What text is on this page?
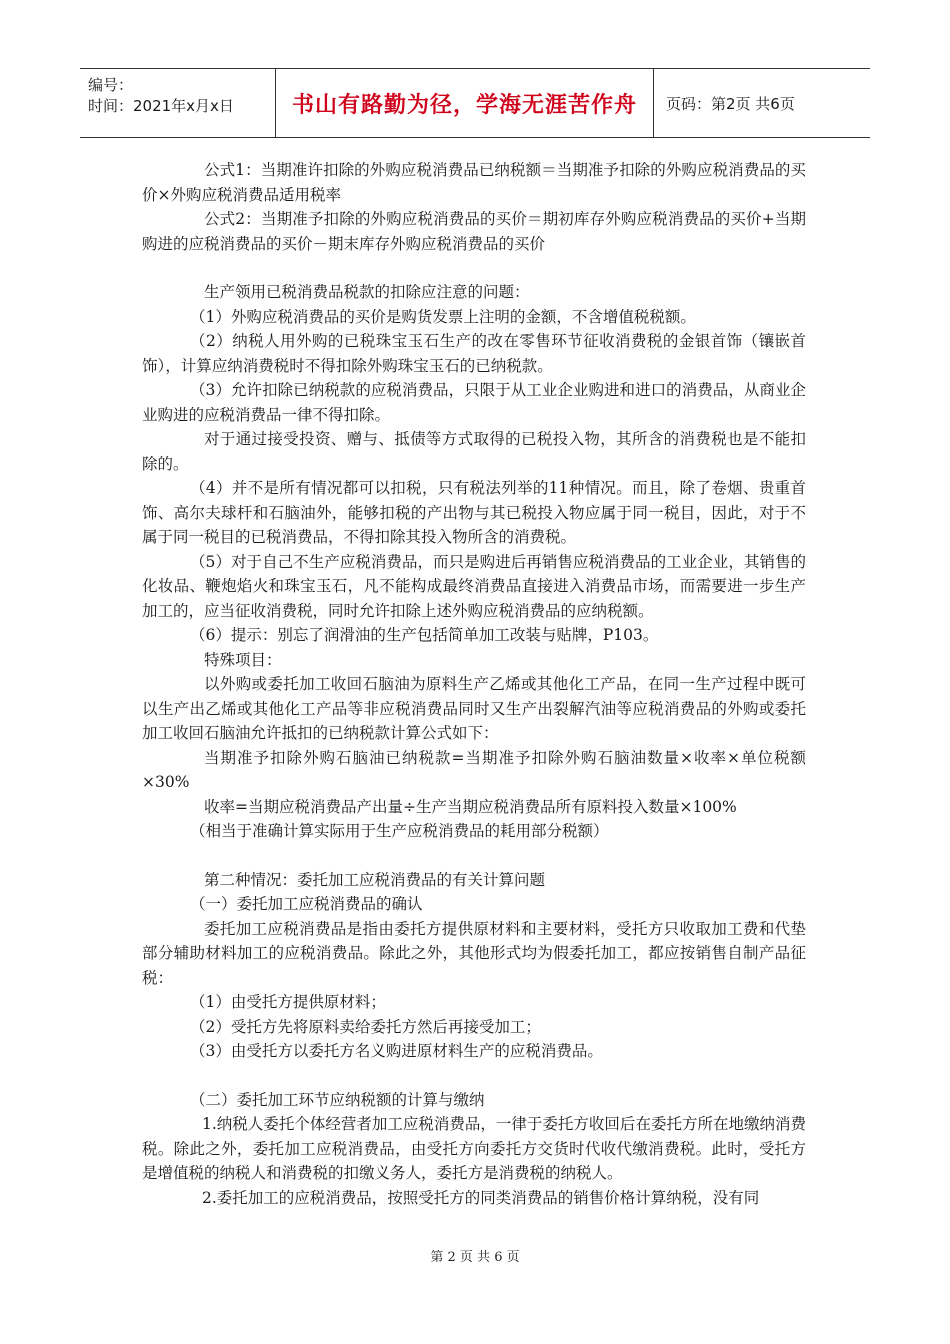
编号：
时间：2021年x月x日	书山有路勤为径，学海无涯苦作舟	页码：第2页 共6页

公式1：当期准许扣除的外购应税消费品已纳税额＝当期准予扣除的外购应税消费品的买价×外购应税消费品适用税率

公式2：当期准予扣除的外购应税消费品的买价＝期初库存外购应税消费品的买价+当期购进的应税消费品的买价－期末库存外购应税消费品的买价

生产领用已税消费品税款的扣除应注意的问题：

（1）外购应税消费品的买价是购货发票上注明的金额，不含增值税税额。

（2）纳税人用外购的已税珠宝玉石生产的改在零售环节征收消费税的金银首饰（镶嵌首饰），计算应纳消费税时不得扣除外购珠宝玉石的已纳税款。

（3）允许扣除已纳税款的应税消费品，只限于从工业企业购进和进口的消费品，从商业企业购进的应税消费品一律不得扣除。

对于通过接受投资、赠与、抵债等方式取得的已税投入物，其所含的消费税也是不能扣除的。

（4）并不是所有情况都可以扣税，只有税法列举的11种情况。而且，除了卷烟、贵重首饰、高尔夫球杆和石脑油外，能够扣税的产出物与其已税投入物应属于同一税目，因此，对于不属于同一税目的已税消费品，不得扣除其投入物所含的消费税。

（5）对于自己不生产应税消费品，而只是购进后再销售应税消费品的工业企业，其销售的化妆品、鞭炮焰火和珠宝玉石，凡不能构成最终消费品直接进入消费品市场，而需要进一步生产加工的，应当征收消费税，同时允许扣除上述外购应税消费品的应纳税额。

（6）提示：别忘了润滑油的生产包括简单加工改装与贴牌，P103。

特殊项目：

以外购或委托加工收回石脑油为原料生产乙烯或其他化工产品，在同一生产过程中既可以生产出乙烯或其他化工产品等非应税消费品同时又生产出裂解汽油等应税消费品的外购或委托加工收回石脑油允许抵扣的已纳税款计算公式如下：

当期准予扣除外购石脑油已纳税款=当期准予扣除外购石脑油数量×收率×单位税额×30%

收率=当期应税消费品产出量÷生产当期应税消费品所有原料投入数量×100%

（相当于准确计算实际用于生产应税消费品的耗用部分税额）

第二种情况：委托加工应税消费品的有关计算问题

（一）委托加工应税消费品的确认

委托加工应税消费品是指由委托方提供原材料和主要材料，受托方只收取加工费和代垫部分辅助材料加工的应税消费品。除此之外，其他形式均为假委托加工，都应按销售自制产品征税：

（1）由受托方提供原材料；

（2）受托方先将原料卖给委托方然后再接受加工；

（3）由受托方以委托方名义购进原材料生产的应税消费品。

（二）委托加工环节应纳税额的计算与缴纳

1.纳税人委托个体经营者加工应税消费品，一律于委托方收回后在委托方所在地缴纳消费税。除此之外，委托加工应税消费品，由受托方向委托方交货时代收代缴消费税。此时，受托方是增值税的纳税人和消费税的扣缴义务人，委托方是消费税的纳税人。

2.委托加工的应税消费品，按照受托方的同类消费品的销售价格计算纳税，没有同

第 2 页 共 6 页
